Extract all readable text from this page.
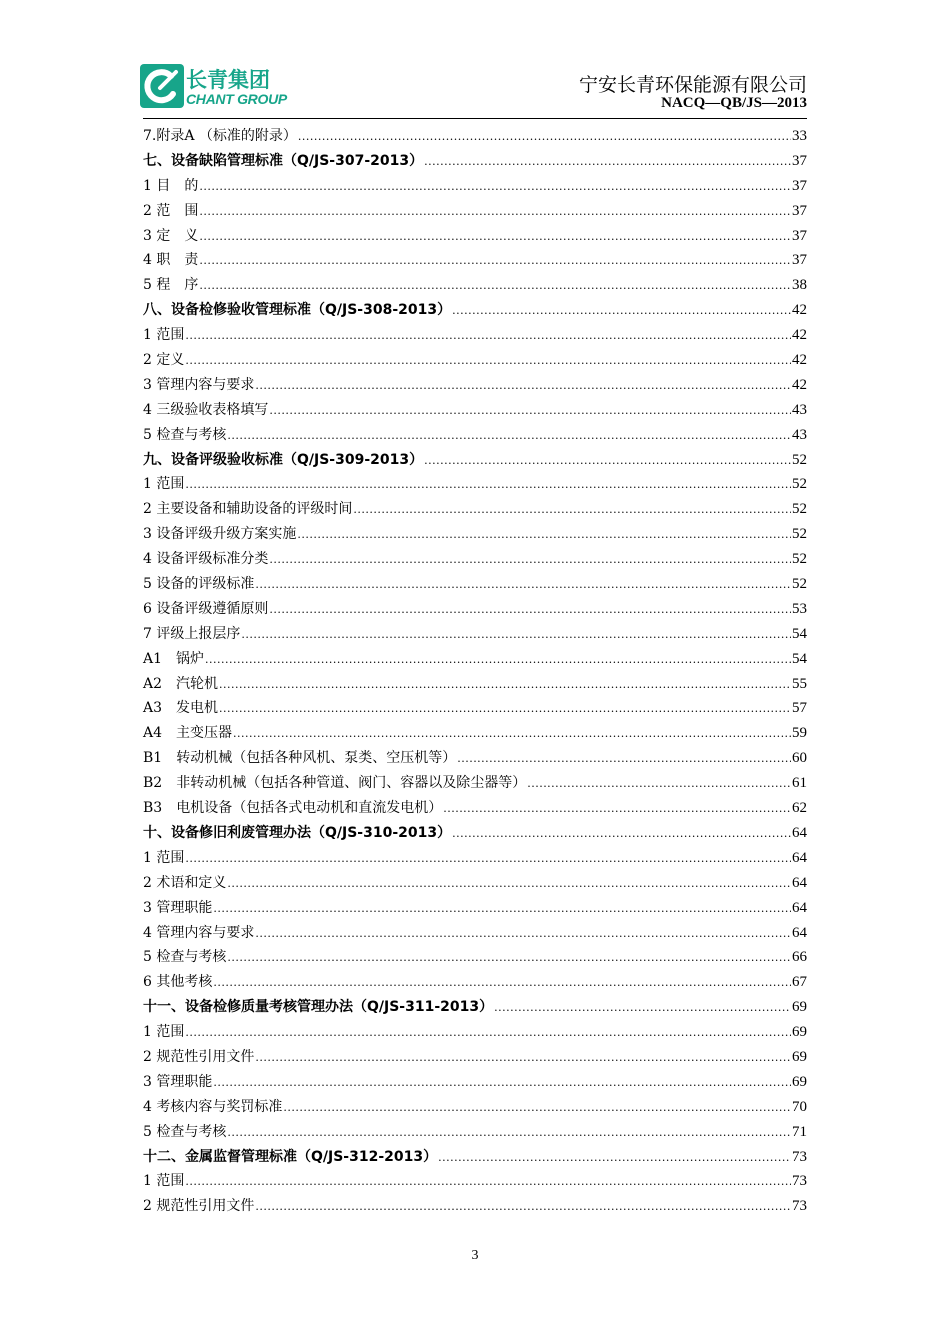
长青集团
CHANT GROUP
宁安长青环保能源有限公司
NACQ—QB/JS—2013
7.附录A （标准的附录） .....	33
七、设备缺陷管理标准（Q/JS-307-2013） .....	37
1 目　的 .....	37
2 范　围 .....	37
3 定　义 .....	37
4 职　责 .....	37
5 程　序 .....	38
八、设备检修验收管理标准（Q/JS-308-2013） .....	42
1 范围 .....	42
2 定义 .....	42
3 管理内容与要求 .....	42
4 三级验收表格填写 .....	43
5 检查与考核 .....	43
九、设备评级验收标准（Q/JS-309-2013） .....	52
1 范围 .....	52
2 主要设备和辅助设备的评级时间 .....	52
3 设备评级升级方案实施 .....	52
4 设备评级标准分类 .....	52
5 设备的评级标准 .....	52
6 设备评级遵循原则 .....	53
7 评级上报层序 .....	54
A1　锅炉 .....	54
A2　汽轮机 .....	55
A3　发电机 .....	57
A4　主变压器 .....	59
B1　转动机械（包括各种风机、泵类、空压机等） .....	60
B2　非转动机械（包括各种管道、阀门、容器以及除尘器等） .....	61
B3　电机设备（包括各式电动机和直流发电机） .....	62
十、设备修旧利废管理办法（Q/JS-310-2013） .....	64
1 范围 .....	64
2 术语和定义 .....	64
3 管理职能 .....	64
4 管理内容与要求 .....	64
5 检查与考核 .....	66
6 其他考核 .....	67
十一、设备检修质量考核管理办法（Q/JS-311-2013） .....	69
1 范围 .....	69
2 规范性引用文件 .....	69
3 管理职能 .....	69
4 考核内容与奖罚标准 .....	70
5 检查与考核 .....	71
十二、金属监督管理标准（Q/JS-312-2013） .....	73
1 范围 .....	73
2 规范性引用文件 .....	73
3
